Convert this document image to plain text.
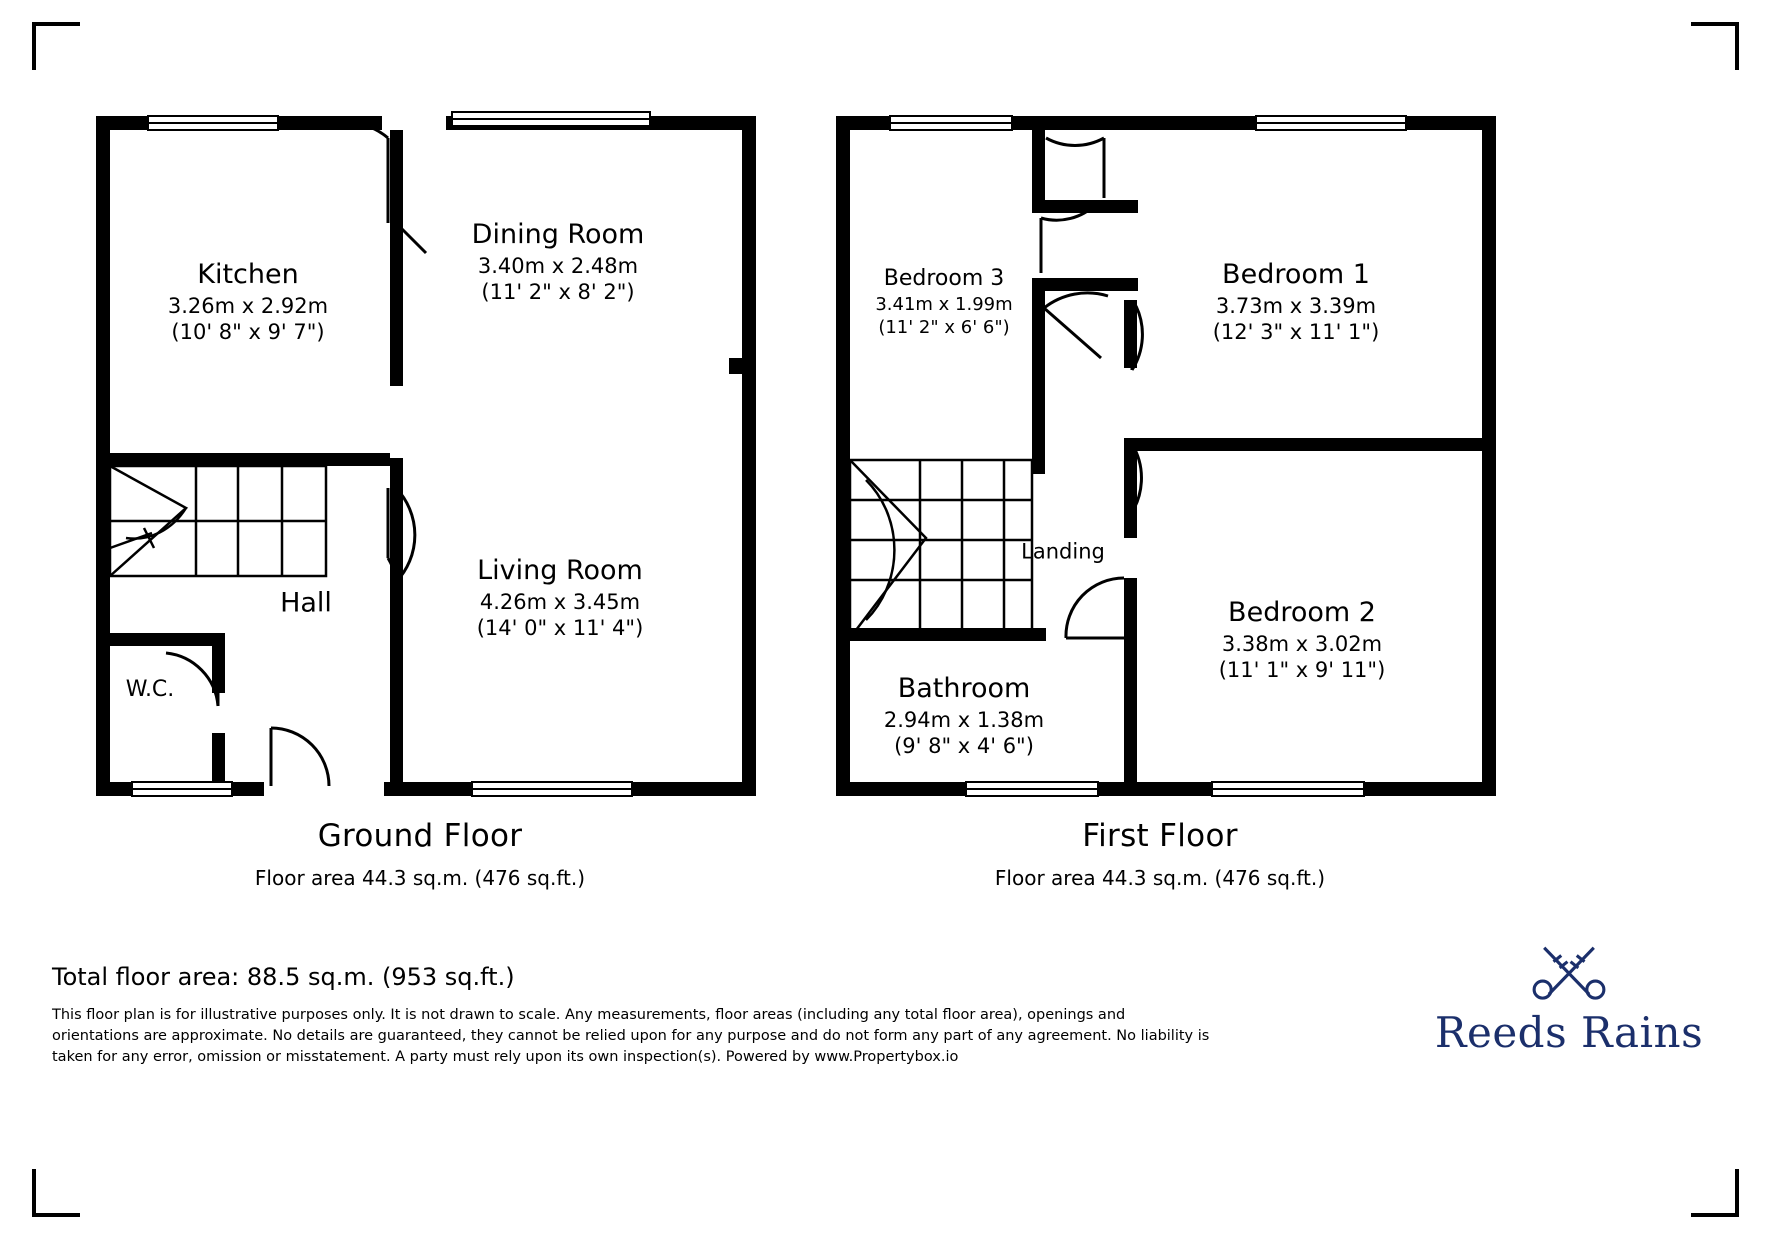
Kitchen
3.26m x 2.92m
(10' 8" x 9' 7")
Dining Room
3.40m x 2.48m
(11' 2" x 8' 2")
Living Room
4.26m x 3.45m
(14' 0" x 11' 4")
Hall
W.C.
Bedroom 3
3.41m x 1.99m
(11' 2" x 6' 6")
Bedroom 1
3.73m x 3.39m
(12' 3" x 11' 1")
Bedroom 2
3.38m x 3.02m
(11' 1" x 9' 11")
Bathroom
2.94m x 1.38m
(9' 8" x 4' 6")
Landing
Ground Floor
Floor area 44.3 sq.m. (476 sq.ft.)
First Floor
Floor area 44.3 sq.m. (476 sq.ft.)
Total floor area: 88.5 sq.m. (953 sq.ft.)
This floor plan is for illustrative purposes only. It is not drawn to scale. Any measurements, floor areas (including any total floor area), openings and orientations are approximate. No details are guaranteed, they cannot be relied upon for any purpose and do not form any part of any agreement. No liability is taken for any error, omission or misstatement. A party must rely upon its own inspection(s). Powered by www.Propertybox.io
Reeds Rains
